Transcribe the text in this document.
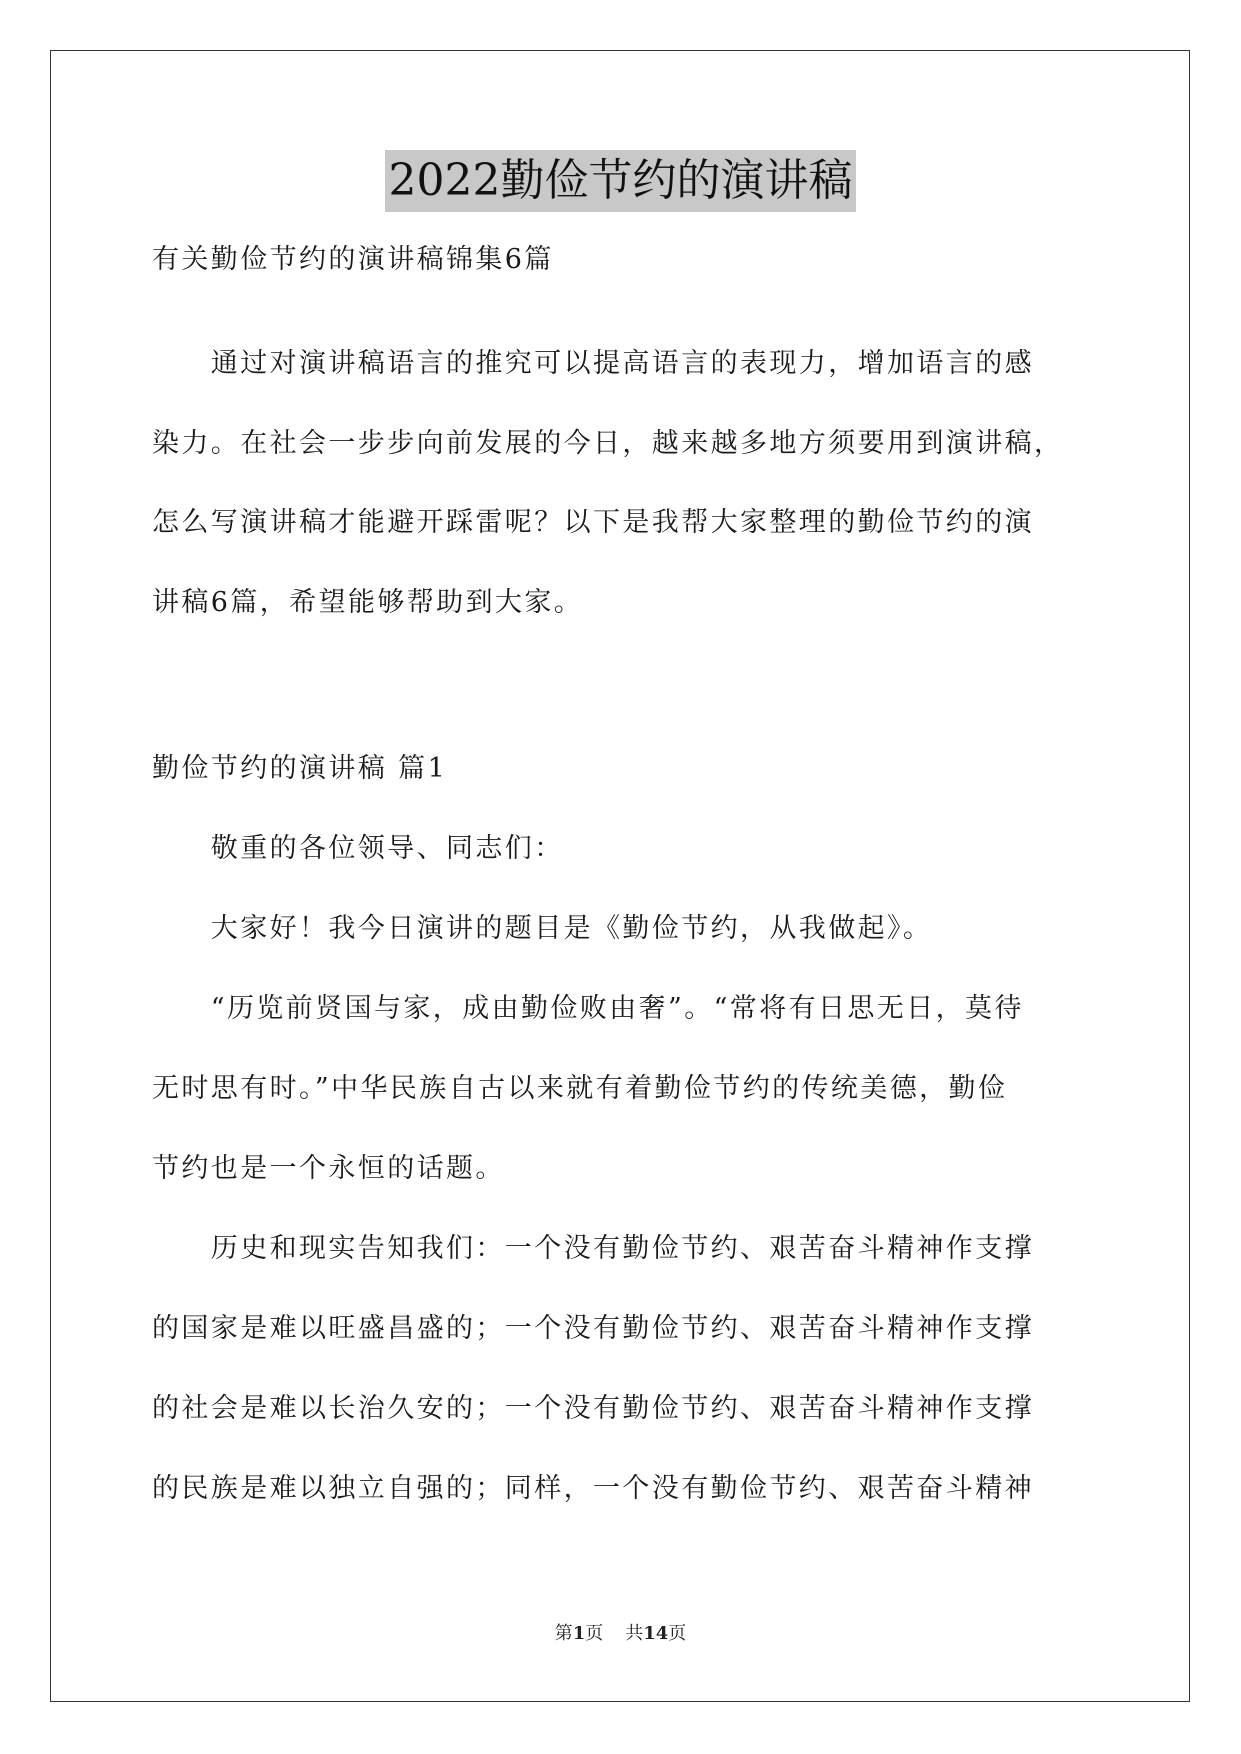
2022勤俭节约的演讲稿
有关勤俭节约的演讲稿锦集6篇
　　通过对演讲稿语言的推究可以提高语言的表现力，增加语言的感
染力。在社会一步步向前发展的今日，越来越多地方须要用到演讲稿，
怎么写演讲稿才能避开踩雷呢？以下是我帮大家整理的勤俭节约的演
讲稿6篇，希望能够帮助到大家。
勤俭节约的演讲稿 篇1
　　敬重的各位领导、同志们：
　　大家好！我今日演讲的题目是《勤俭节约，从我做起》。
　　“历览前贤国与家，成由勤俭败由奢”。“常将有日思无日，莫待
无时思有时。”中华民族自古以来就有着勤俭节约的传统美德，勤俭
节约也是一个永恒的话题。
　　历史和现实告知我们：一个没有勤俭节约、艰苦奋斗精神作支撑
的国家是难以旺盛昌盛的；一个没有勤俭节约、艰苦奋斗精神作支撑
的社会是难以长治久安的；一个没有勤俭节约、艰苦奋斗精神作支撑
的民族是难以独立自强的；同样，一个没有勤俭节约、艰苦奋斗精神
第1页 共14页
